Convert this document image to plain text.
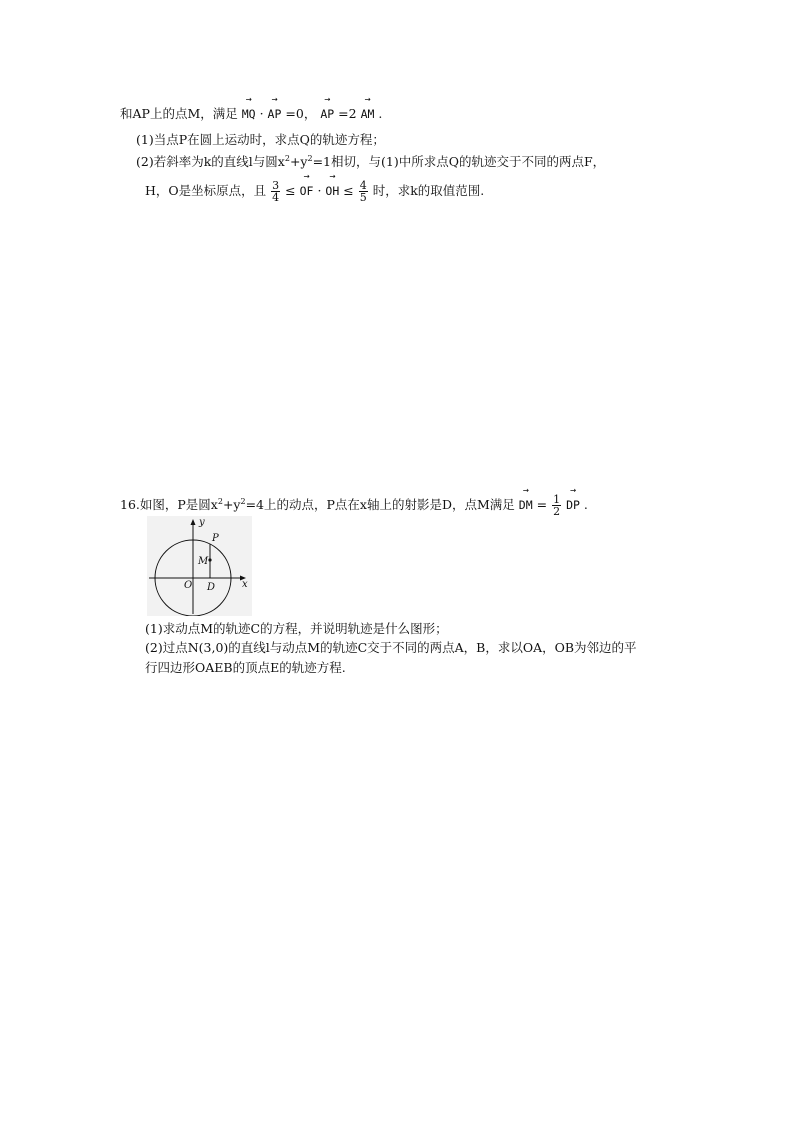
和AP上的点M，满足 → MQ · → AP =0， → AP =2 → AM .
(1)当点P在圆上运动时，求点Q的轨迹方程；
(2)若斜率为k的直线l与圆$x^2+y^2=1$相切，与(1)中所求点Q的轨迹交于不同的两点F，
H，O是坐标原点，且 $\frac{3}{4}$ ≤ → OF · → OH ≤ $\frac{4}{5}$ 时，求k的取值范围.
16.如图，P是圆$x^2+y^2=4$上的动点，P点在x轴上的射影是D，点M满足 → DM = $\frac{1}{2}$ → DP .
y
x
P
M
O D
(1)求动点M的轨迹C的方程，并说明轨迹是什么图形；
(2)过点N(3,0)的直线l与动点M的轨迹C交于不同的两点A，B，求以OA，OB为邻边的平
行四边形OAEB的顶点E的轨迹方程.
